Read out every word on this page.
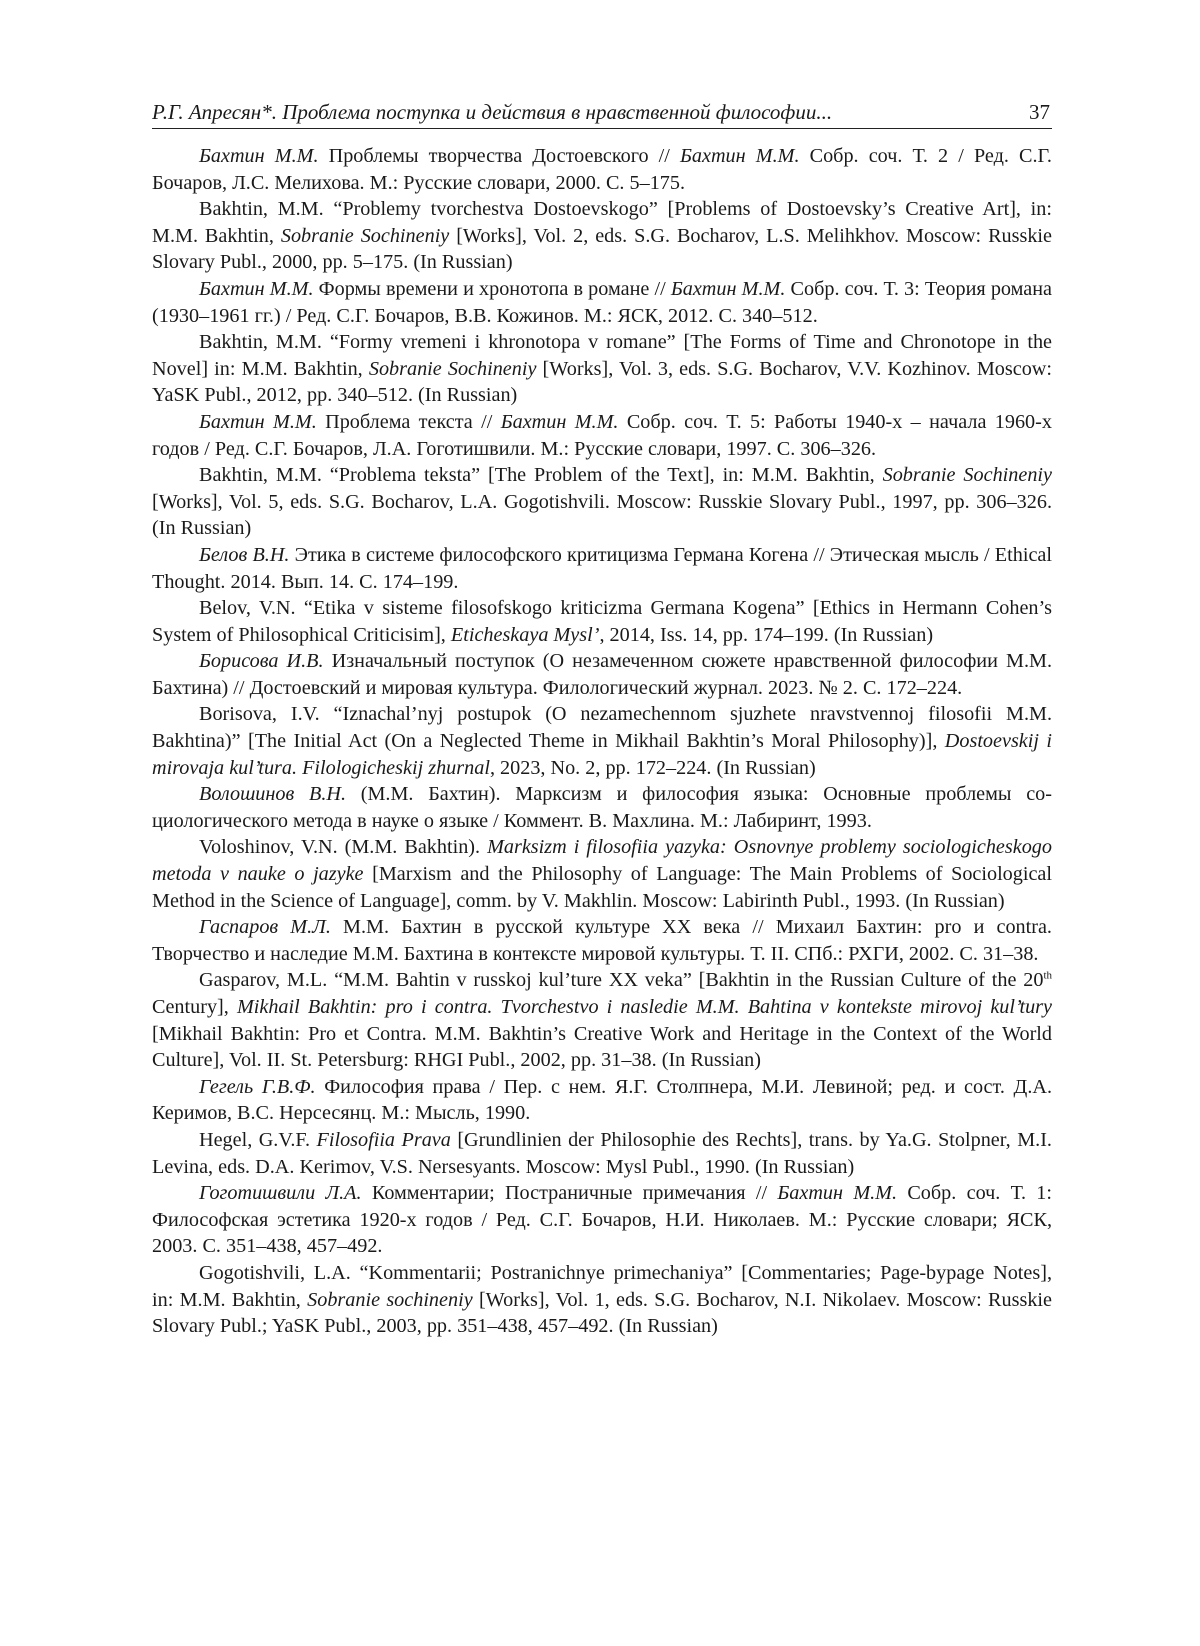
Р.Г. Апресян*. Проблема поступка и действия в нравственной философии...	37

Бахтин М.М. Проблемы творчества Достоевского // Бахтин М.М. Собр. соч. Т. 2 / Ред. С.Г. Бочаров, Л.С. Мелихова. М.: Русские словари, 2000. С. 5–175.

Bakhtin, M.M. “Problemy tvorchestva Dostoevskogo” [Problems of Dostoevsky’s Creative Art], in: M.M. Bakhtin, Sobranie Sochineniy [Works], Vol. 2, eds. S.G. Bocharov, L.S. Melihkhov. Moscow: Russkie Slovary Publ., 2000, pp. 5–175. (In Russian)

Бахтин М.М. Формы времени и хронотопа в романе // Бахтин М.М. Собр. соч. Т. 3: Теория романа (1930–1961 гг.) / Ред. С.Г. Бочаров, В.В. Кожинов. М.: ЯСК, 2012. С. 340–512.

Bakhtin, M.M. “Formy vremeni i khronotopa v romane” [The Forms of Time and Chronotope in the Novel] in: M.M. Bakhtin, Sobranie Sochineniy [Works], Vol. 3, eds. S.G. Bocharov, V.V. Kozhinov. Moscow: YaSK Publ., 2012, pp. 340–512. (In Russian)

Бахтин М.М. Проблема текста // Бахтин М.М. Собр. соч. Т. 5: Работы 1940-х – начала 1960-х годов / Ред. С.Г. Бочаров, Л.А. Гоготишвили. М.: Русские словари, 1997. С. 306–326.

Bakhtin, M.M. “Problema teksta” [The Problem of the Text], in: M.M. Bakhtin, Sobranie Sochineniy [Works], Vol. 5, eds. S.G. Bocharov, L.A. Gogotishvili. Moscow: Russkie Slovary Publ., 1997, pp. 306–326. (In Russian)

Белов В.Н. Этика в системе философского критицизма Германа Когена // Этическая мысль / Ethical Thought. 2014. Вып. 14. С. 174–199.

Belov, V.N. “Etika v sisteme filosofskogo kriticizma Germana Kogena” [Ethics in Hermann Cohen’s System of Philosophical Criticisim], Eticheskaya Mysl’, 2014, Iss. 14, pp. 174–199. (In Russian)

Борисова И.В. Изначальный поступок (О незамеченном сюжете нравственной философии М.М. Бахтина) // Достоевский и мировая культура. Филологический журнал. 2023. № 2. С. 172–224.

Borisova, I.V. “Iznachal’nyj postupok (O nezamechennom sjuzhete nravstvennoj filosofii M.M. Bakhtina)” [The Initial Act (On a Neglected Theme in Mikhail Bakhtin’s Moral Philosophy)], Dostoevskij i mirovaja kul’tura. Filologicheskij zhurnal, 2023, No. 2, pp. 172–224. (In Russian)

Волошинов В.Н. (М.М. Бахтин). Марксизм и философия языка: Основные проблемы социологического метода в науке о языке / Коммент. В. Махлина. М.: Лабиринт, 1993.

Voloshinov, V.N. (M.M. Bakhtin). Marksizm i filosofiia yazyka: Osnovnye problemy sociologicheskogo metoda v nauke o jazyke [Marxism and the Philosophy of Language: The Main Problems of Sociological Method in the Science of Language], comm. by V. Makhlin. Moscow: Labirinth Publ., 1993. (In Russian)

Гаспаров М.Л. М.М. Бахтин в русской культуре XX века // Михаил Бахтин: pro и contra. Творчество и наследие М.М. Бахтина в контексте мировой культуры. Т. II. СПб.: РХГИ, 2002. С. 31–38.

Gasparov, M.L. “M.M. Bahtin v russkoj kul’ture XX veka” [Bakhtin in the Russian Culture of the 20th Century], Mikhail Bakhtin: pro i contra. Tvorchestvo i nasledie M.M. Bahtina v kontekste mirovoj kul’tury [Mikhail Bakhtin: Pro et Contra. M.M. Bakhtin’s Creative Work and Heritage in the Context of the World Culture], Vol. II. St. Petersburg: RHGI Publ., 2002, pp. 31–38. (In Russian)

Гегель Г.В.Ф. Философия права / Пер. с нем. Я.Г. Столпнера, М.И. Левиной; ред. и сост. Д.А. Керимов, В.С. Нерсесянц. М.: Мысль, 1990.

Hegel, G.V.F. Filosofiia Prava [Grundlinien der Philosophie des Rechts], trans. by Ya.G. Stolpner, M.I. Levina, eds. D.A. Kerimov, V.S. Nersesyants. Moscow: Mysl Publ., 1990. (In Russian)

Гоготишвили Л.А. Комментарии; Постраничные примечания // Бахтин М.М. Собр. соч. Т. 1: Философская эстетика 1920-х годов / Ред. С.Г. Бочаров, Н.И. Николаев. М.: Русские словари; ЯСК, 2003. С. 351–438, 457–492.

Gogotishvili, L.A. “Kommentarii; Postranichnye primechaniya” [Commentaries; Page-bypage Notes], in: M.M. Bakhtin, Sobranie sochineniy [Works], Vol. 1, eds. S.G. Bocharov, N.I. Nikolaev. Moscow: Russkie Slovary Publ.; YaSK Publ., 2003, pp. 351–438, 457–492. (In Russian)
